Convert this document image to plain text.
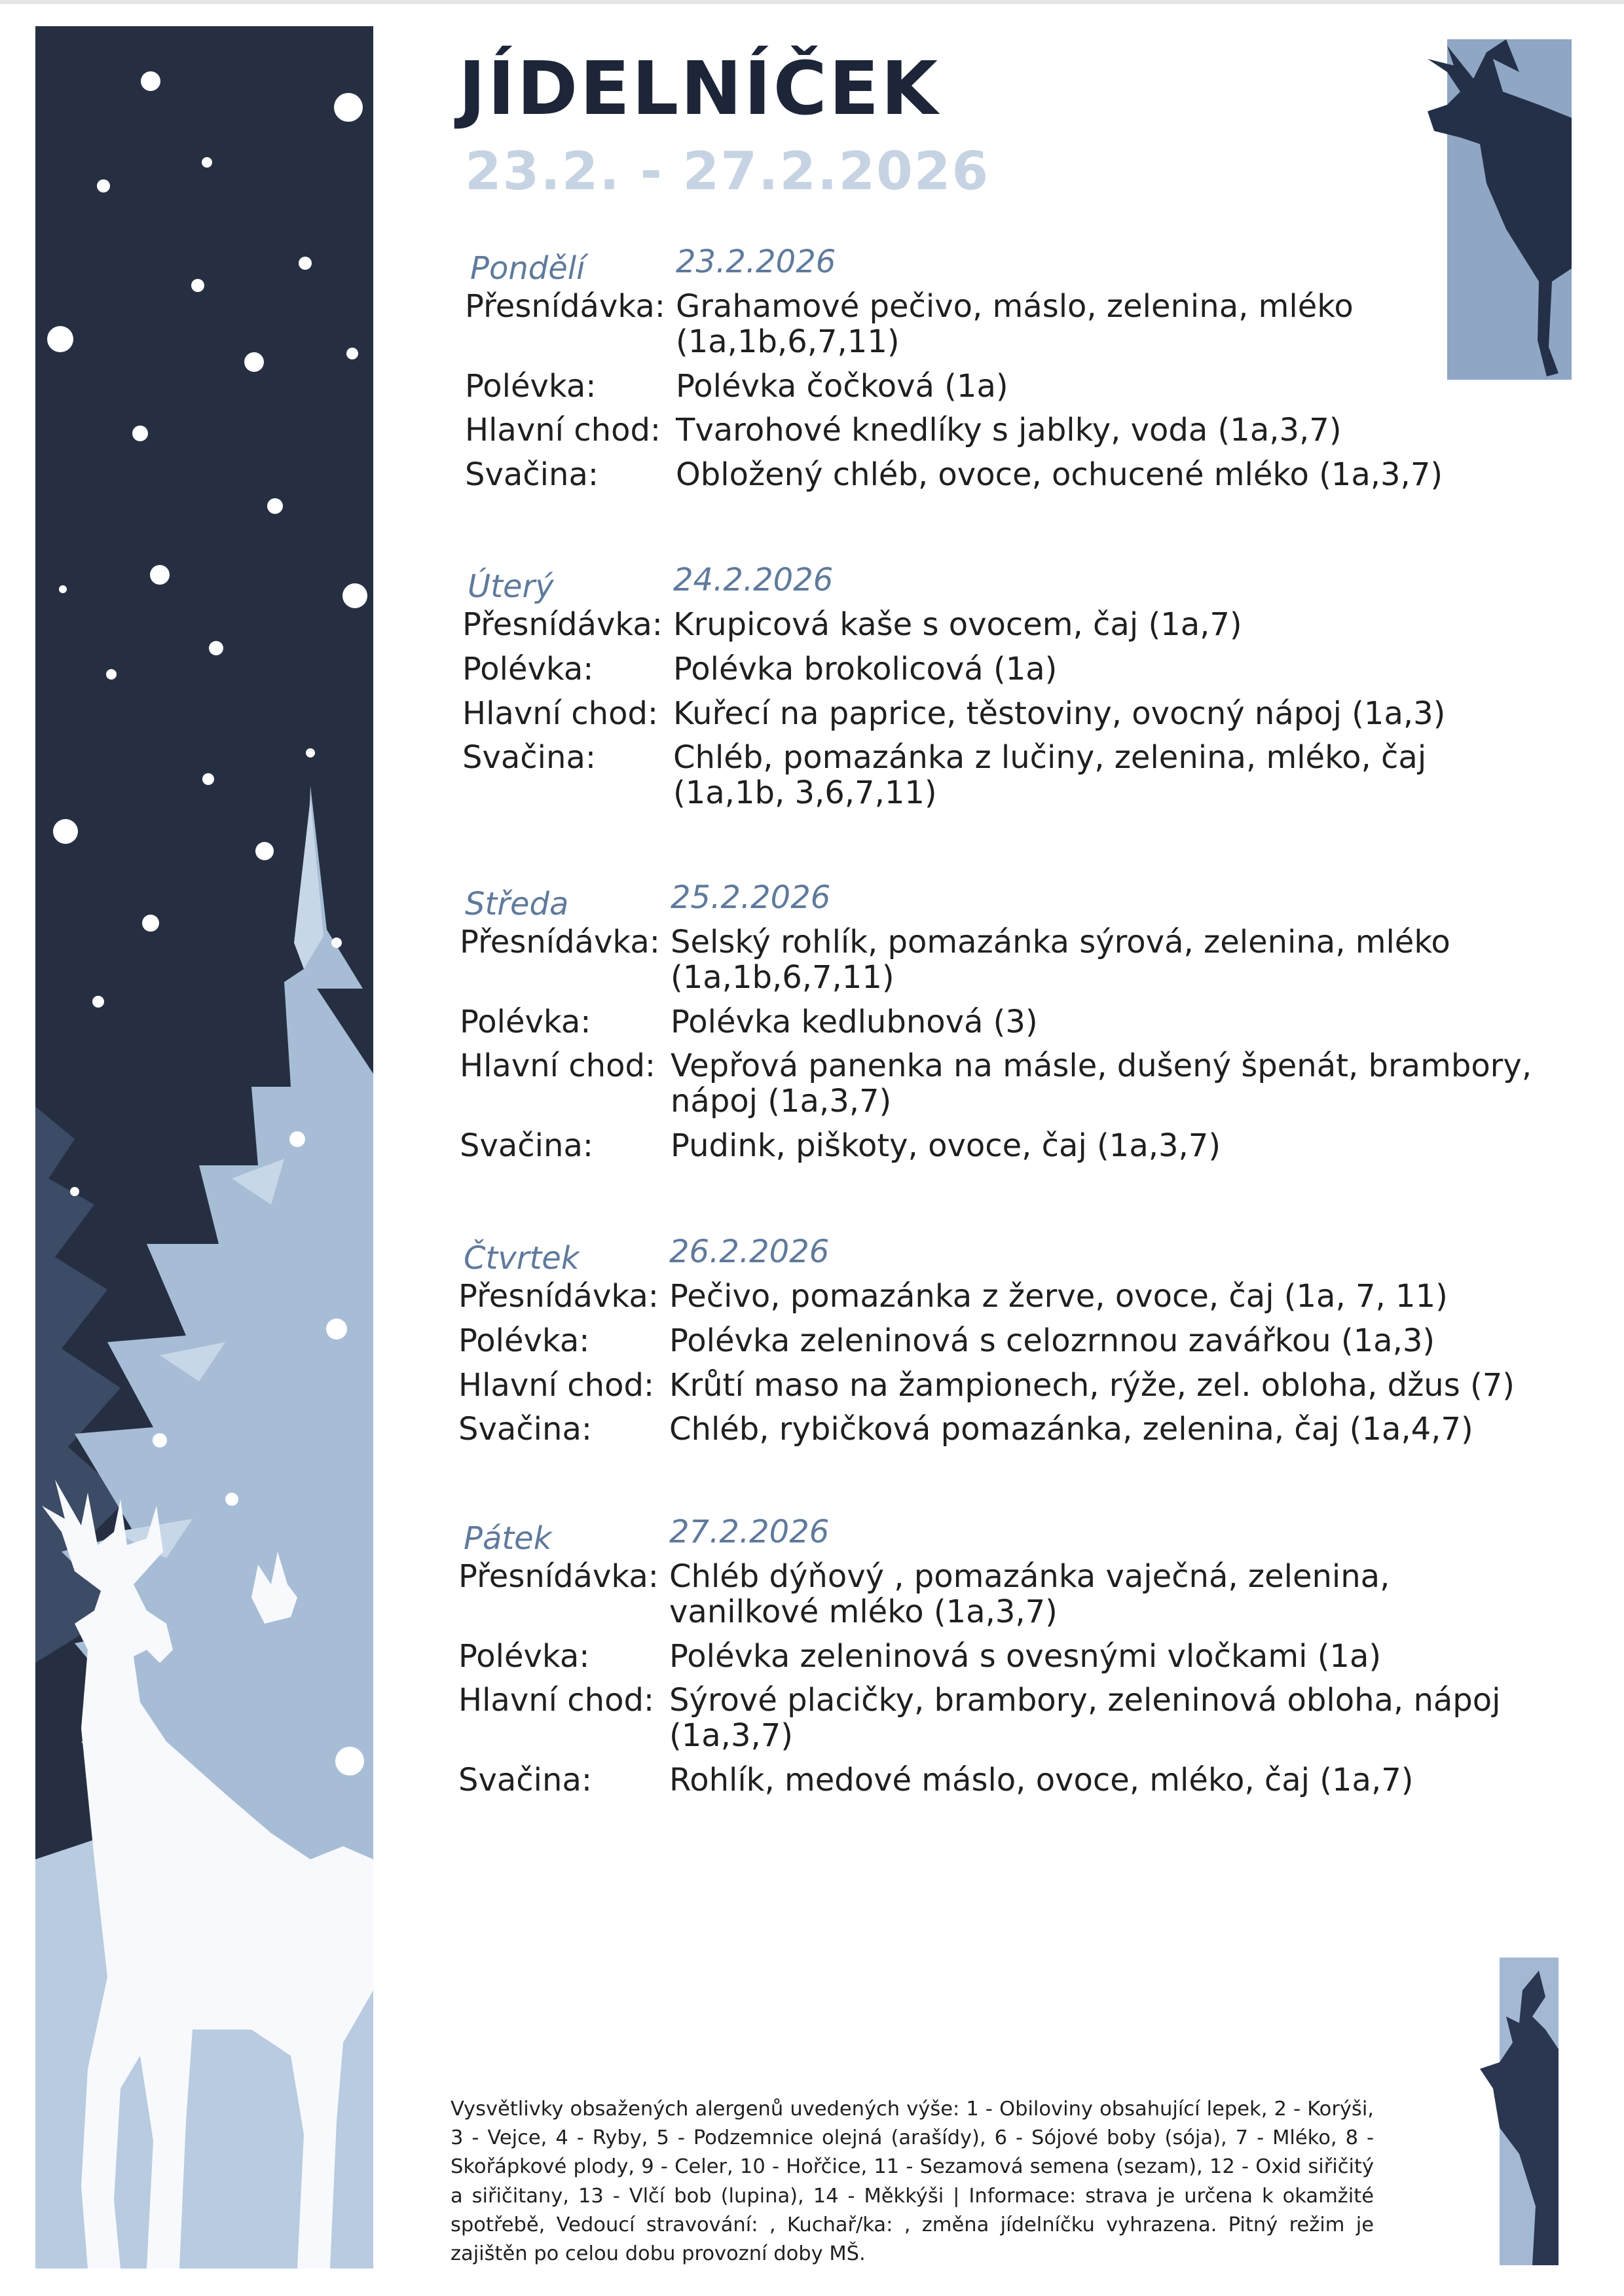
JÍDELNÍČEK
23.2. - 27.2.2026
Pondělí	23.2.2026
Přesnídávka: Grahamové pečivo, máslo, zelenina, mléko (1a,1b,6,7,11)
Polévka:	Polévka čočková (1a)
Hlavní chod: Tvarohové knedlíky s jablky, voda (1a,3,7)
Svačina:	Obložený chléb, ovoce, ochucené mléko (1a,3,7)
Úterý	24.2.2026
Přesnídávka: Krupicová kaše s ovocem, čaj (1a,7)
Polévka:	Polévka brokolicová (1a)
Hlavní chod: Kuřecí na paprice, těstoviny, ovocný nápoj (1a,3)
Svačina:	Chléb, pomazánka z lučiny, zelenina, mléko, čaj (1a,1b, 3,6,7,11)
Středa	25.2.2026
Přesnídávka: Selský rohlík, pomazánka sýrová, zelenina, mléko (1a,1b,6,7,11)
Polévka:	Polévka kedlubnová (3)
Hlavní chod: Vepřová panenka na másle, dušený špenát, brambory, nápoj (1a,3,7)
Svačina:	Pudink, piškoty, ovoce, čaj (1a,3,7)
Čtvrtek	26.2.2026
Přesnídávka: Pečivo, pomazánka z žerve, ovoce, čaj (1a, 7, 11)
Polévka:	Polévka zeleninová s celozrnnou zavářkou (1a,3)
Hlavní chod: Krůtí maso na žampionech, rýže, zel. obloha, džus (7)
Svačina:	Chléb, rybičková pomazánka, zelenina, čaj (1a,4,7)
Pátek	27.2.2026
Přesnídávka: Chléb dýňový , pomazánka vaječná, zelenina, vanilkové mléko (1a,3,7)
Polévka:	Polévka zeleninová s ovesnými vločkami (1a)
Hlavní chod: Sýrové placičky, brambory, zeleninová obloha, nápoj (1a,3,7)
Svačina:	Rohlík, medové máslo, ovoce, mléko, čaj (1a,7)
Vysvětlivky obsažených alergenů uvedených výše: 1 - Obiloviny obsahující lepek, 2 - Korýši, 3 - Vejce, 4 - Ryby, 5 - Podzemnice olejná (arašídy), 6 - Sójové boby (sója), 7 - Mléko, 8 - Skořápkové plody, 9 - Celer, 10 - Hořčice, 11 - Sezamová semena (sezam), 12 - Oxid siřičitý a siřičitany, 13 - Vlčí bob (lupina), 14 - Měkkýši | Informace: strava je určena k okamžité spotřebě, Vedoucí stravování: , Kuchař/ka: , změna jídelníčku vyhrazena. Pitný režim je zajištěn po celou dobu provozní doby MŠ.
